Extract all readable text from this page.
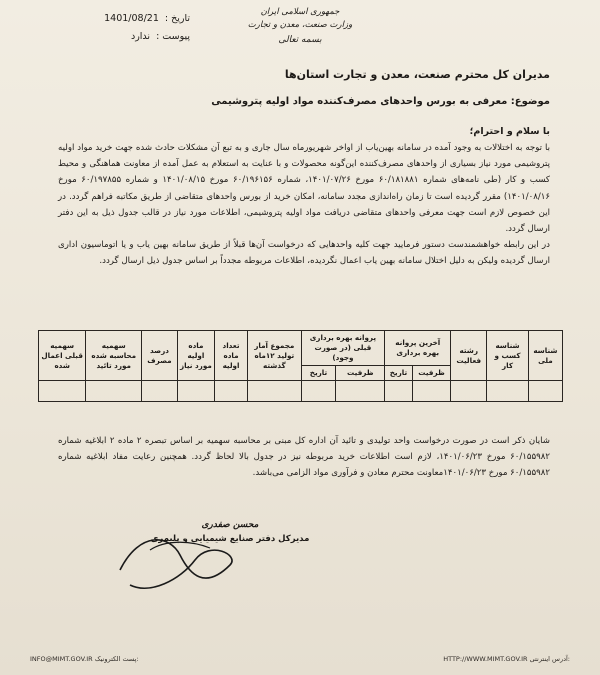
جمهوری اسلامی ایران
وزارت صنعت، معدن و تجارت
بسمه تعالی
تاریخ :
1401/08/21
پیوست :
ندارد
مدیران کل محترم صنعت، معدن و تجارت استان‌ها
موضوع: معرفی به بورس واحدهای مصرف‌کننده مواد اولیه پتروشیمی
با سلام و احترام؛

با توجه به اختلالات به وجود آمده در سامانه بهین‌یاب از اواخر شهریورماه سال جاری و به تبع آن مشکلات حادث شده جهت خرید مواد اولیه پتروشیمی مورد نیاز بسیاری از واحدهای مصرف‌کننده این‌گونه محصولات و با عنایت به استعلام به عمل آمده از معاونت هماهنگی و محیط کسب و کار (طی نامه‌های شماره ۶۰/۱۸۱۸۸۱ مورخ ۱۴۰۱/۰۷/۲۶، شماره ۶۰/۱۹۶۱۵۶ مورخ ۱۴۰۱/۰۸/۱۵ و شماره ۶۰/۱۹۷۸۵۵ مورخ ۱۴۰۱/۰۸/۱۶) مقرر گردیده است تا زمان راه‌اندازی مجدد سامانه، امکان خرید از بورس واحدهای متقاضی از طریق مکاتبه فراهم گردد. در این خصوص لازم است جهت معرفی واحدهای متقاضی دریافت مواد اولیه پتروشیمی، اطلاعات مورد نیاز در قالب جدول ذیل به این دفتر ارسال گردد.

در این رابطه خواهشمندست دستور فرمایید جهت کلیه واحدهایی که درخواست آن‌ها قبلاً از طریق سامانه بهین یاب و یا اتوماسیون اداری ارسال گردیده ولیکن به دلیل اختلال سامانه بهین یاب اعمال نگردیده، اطلاعات مربوطه مجدداً بر اساس جدول ذیل ارسال گردد.

شناسه ملی	شناسه کسب و کار	رشته فعالیت	آخرین پروانه بهره برداری		پروانه بهره برداری قبلی (در صورت وجود)		مجموع آمار تولید ۱۲ماه گذشته	تعداد ماده اولیه	ماده اولیه مورد نیاز	درصد مصرف	سهمیه محاسبه شده مورد تائید	سهمیه قبلی اعمال شده
			ظرفیت	تاریخ	ظرفیت	تاریخ						

شایان ذکر است در صورت درخواست واحد تولیدی و تائید آن اداره کل مبنی بر محاسبه سهمیه بر اساس تبصره ۲ ماده ۲ ابلاغیه شماره ۶۰/۱۵۵۹۸۲ مورخ ۱۴۰۱/۰۶/۲۳، لازم است اطلاعات خرید مربوطه نیز در جدول بالا لحاظ گردد. همچنین رعایت مفاد ابلاغیه شماره ۶۰/۱۵۵۹۸۲ مورخ ۱۴۰۱/۰۶/۲۳معاونت محترم معادن و فرآوری مواد الزامی می‌باشد.
محسن صفدری
مدیرکل دفتر صنایع شیمیایی و پلیمری
INFO@MIMT.GOV.IR پست الکترونیک:	HTTP://WWW.MIMT.GOV.IR آدرس اینترنتی:
